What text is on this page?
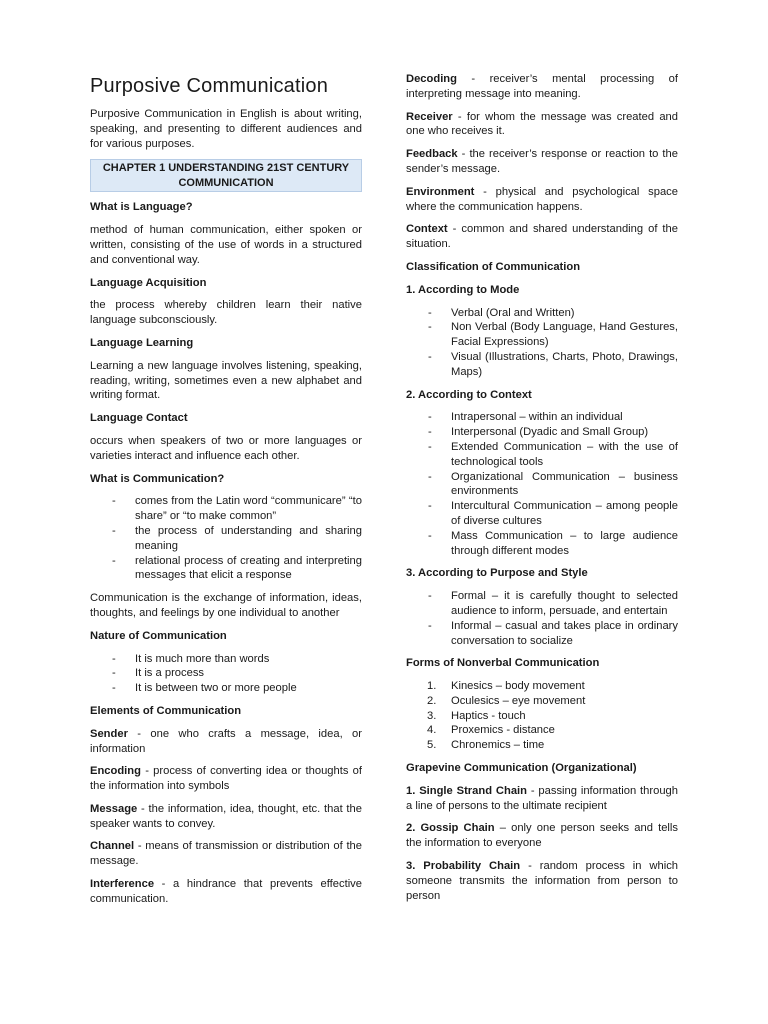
Purposive Communication

Purposive Communication in English is about writing, speaking, and presenting to different audiences and for various purposes.

CHAPTER 1 UNDERSTANDING 21ST CENTURY COMMUNICATION
What is Language?

method of human communication, either spoken or written, consisting of the use of words in a structured and conventional way.

Language Acquisition

the process whereby children learn their native language subconsciously.

Language Learning

Learning a new language involves listening, speaking, reading, writing, sometimes even a new alphabet and writing format.

Language Contact

occurs when speakers of two or more languages or varieties interact and influence each other.

What is Communication?
- comes from the Latin word “communicare” “to share” or “to make common”
- the process of understanding and sharing meaning
- relational process of creating and interpreting messages that elicit a response

Communication is the exchange of information, ideas, thoughts, and feelings by one individual to another

Nature of Communication
- It is much more than words
- It is a process
- It is between two or more people
Elements of Communication

Sender - one who crafts a message, idea, or information

Encoding - process of converting idea or thoughts of the information into symbols

Message - the information, idea, thought, etc. that the speaker wants to convey.

Channel - means of transmission or distribution of the message.

Interference - a hindrance that prevents effective communication.

Decoding - receiver’s mental processing of interpreting message into meaning.

Receiver - for whom the message was created and one who receives it.

Feedback - the receiver’s response or reaction to the sender’s message.

Environment - physical and psychological space where the communication happens.

Context - common and shared understanding of the situation.

Classification of Communication
1. According to Mode
- Verbal (Oral and Written)
- Non Verbal (Body Language, Hand Gestures, Facial Expressions)
- Visual (Illustrations, Charts, Photo, Drawings, Maps)
2. According to Context
- Intrapersonal – within an individual
- Interpersonal (Dyadic and Small Group)
- Extended Communication – with the use of technological tools
- Organizational Communication – business environments
- Intercultural Communication – among people of diverse cultures
- Mass Communication – to large audience through different modes
3. According to Purpose and Style
- Formal – it is carefully thought to selected audience to inform, persuade, and entertain
- Informal – casual and takes place in ordinary conversation to socialize
Forms of Nonverbal Communication
1. Kinesics – body movement
2. Oculesics – eye movement
3. Haptics - touch
4. Proxemics - distance
5. Chronemics – time
Grapevine Communication (Organizational)

1. Single Strand Chain - passing information through a line of persons to the ultimate recipient

2. Gossip Chain – only one person seeks and tells the information to everyone

3. Probability Chain - random process in which someone transmits the information from person to person
